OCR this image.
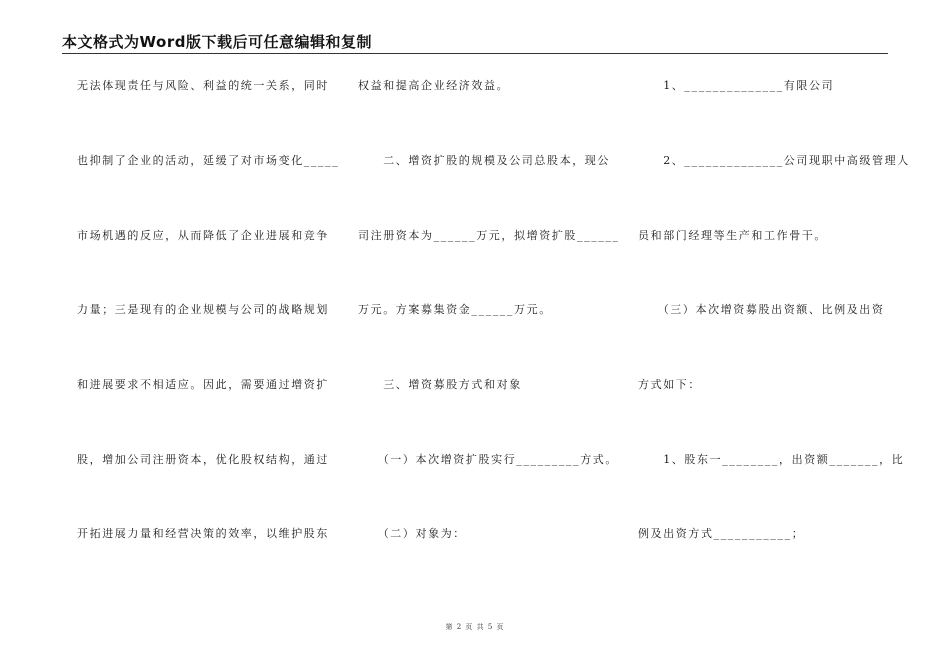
本文格式为Word版下载后可任意编辑和复制
无法体现责任与风险、利益的统一关系，同时
也抑制了企业的活动，延缓了对市场变化_____
市场机遇的反应，从而降低了企业进展和竞争
力量；三是现有的企业规模与公司的战略规划
和进展要求不相适应。因此，需要通过增资扩
股，增加公司注册资本，优化股权结构，通过
开拓进展力量和经营决策的效率，以维护股东
权益和提高企业经济效益。
　　二、增资扩股的规模及公司总股本，现公
司注册资本为______万元，拟增资扩股______
万元。方案募集资金______万元。
　　三、增资募股方式和对象
　　（一）本次增资扩股实行_________方式。
　　（二）对象为：
　　1、______________有限公司
　　2、______________公司现职中高级管理人
员和部门经理等生产和工作骨干。
　　（三）本次增资募股出资额、比例及出资
方式如下：
　　1、股东一________，出资额_______，比
例及出资方式___________；
第 2 页 共 5 页
